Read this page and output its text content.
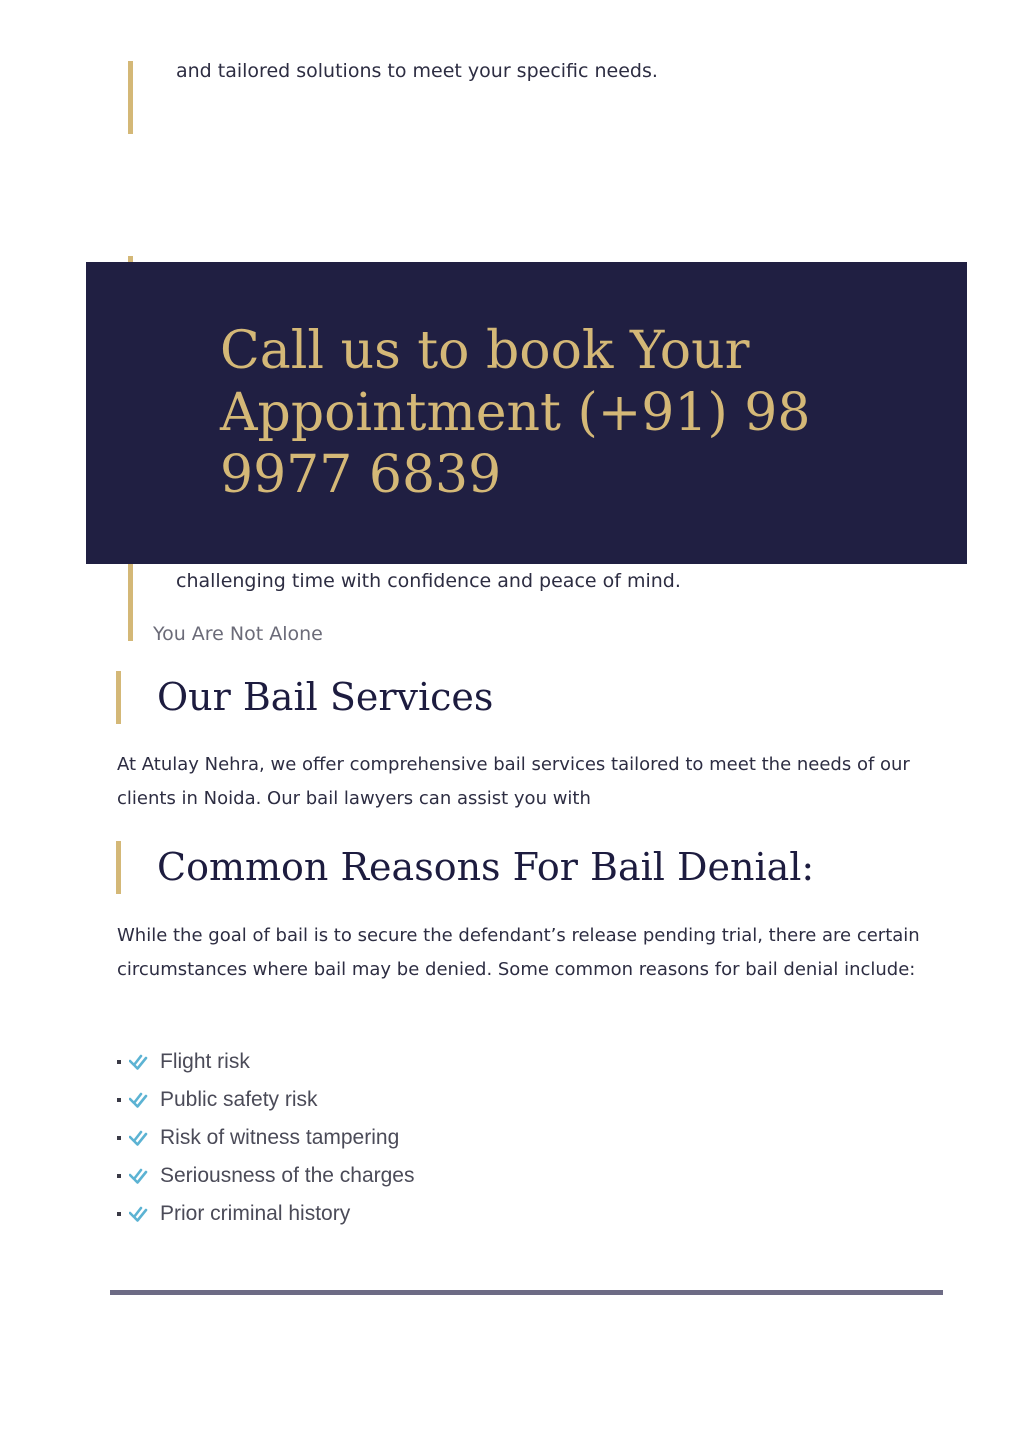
and tailored solutions to meet your specific needs.
Call us to book Your Appointment (+91) 98 9977 6839
challenging time with confidence and peace of mind.
You Are Not Alone
Our Bail Services

At Atulay Nehra, we offer comprehensive bail services tailored to meet the needs of our clients in Noida. Our bail lawyers can assist you with

Common Reasons For Bail Denial:

While the goal of bail is to secure the defendant’s release pending trial, there are certain circumstances where bail may be denied. Some common reasons for bail denial include:

Flight risk
Public safety risk
Risk of witness tampering
Seriousness of the charges
Prior criminal history
